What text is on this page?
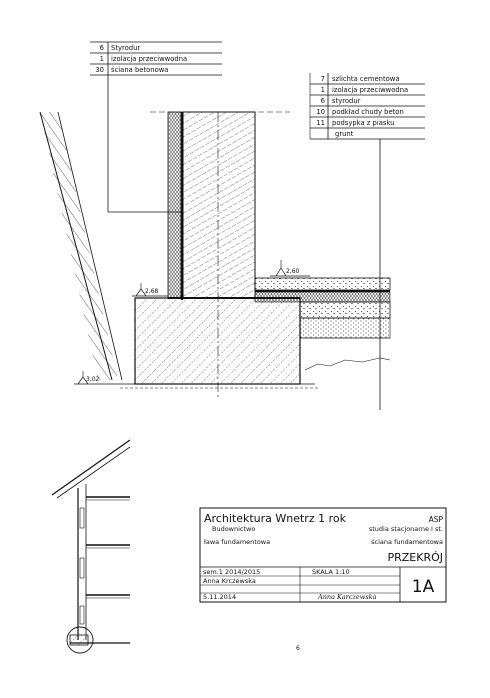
6 Styrodur
1 izolacja przeciwwodna
30 ściana betonowa
7 szlichta cementowa
1 izolacja przeciwwodna
6 styrodur
10 podkład chudy beton
11 podsypka z piasku
grunt
2,60
2,68
3,02
Architektura Wnetrz 1 rok	ASP
Budownictwo	studia stacjonarne I st.
ława fundamentowa	ściana fundamentowa
PRZEKRÓJ
sem.1 2014/2015	SKALA 1:10
Anna Krczewska
5.11.2014	Anna Karczewska 1A
6
